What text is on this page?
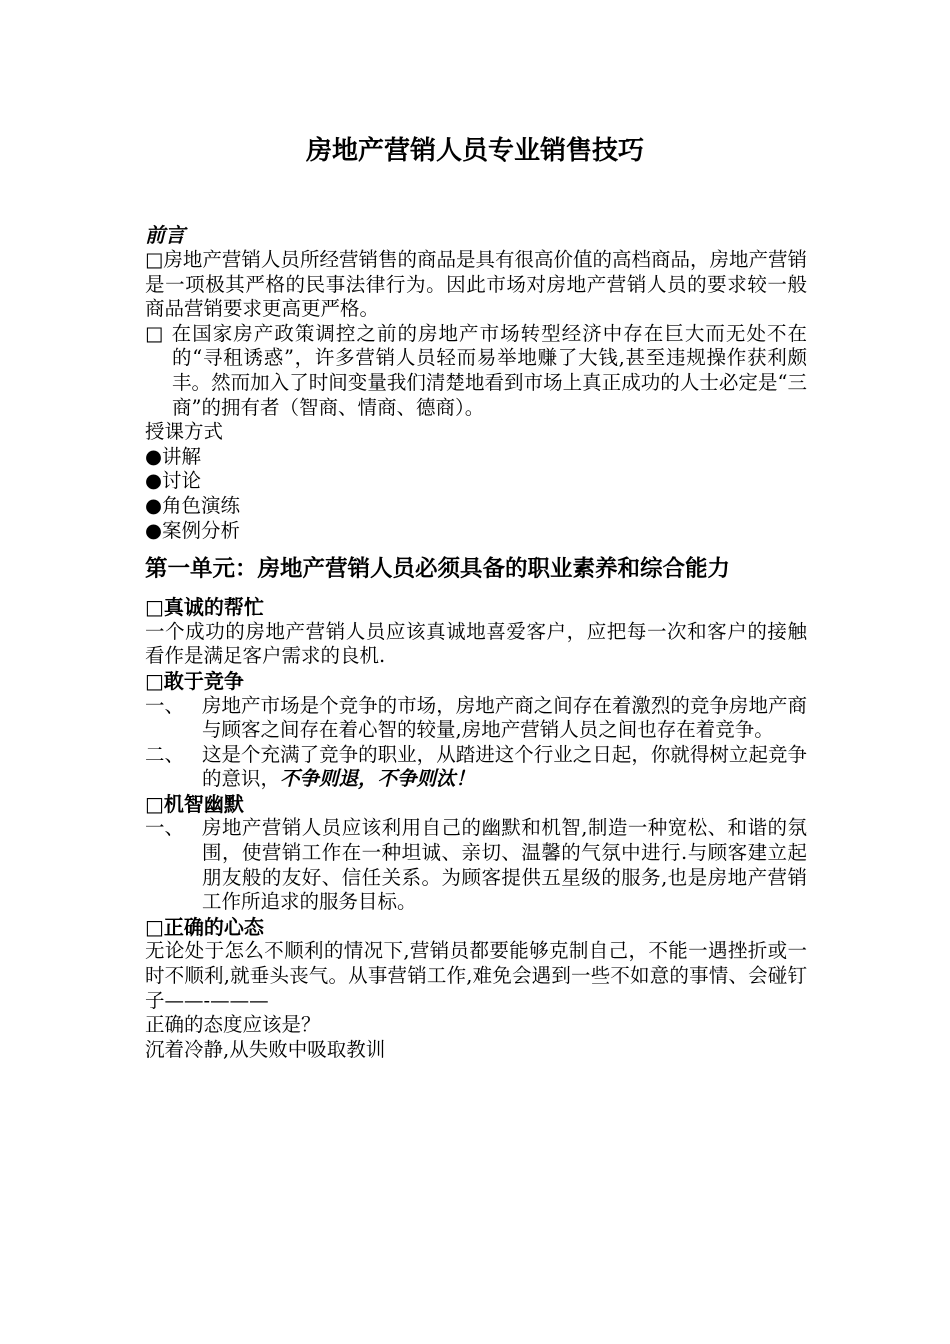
房地产营销人员专业销售技巧

前言

□房地产营销人员所经营销售的商品是具有很高价值的高档商品，房地产营销是一项极其严格的民事法律行为。因此市场对房地产营销人员的要求较一般商品营销要求更高更严格。

□ 在国家房产政策调控之前的房地产市场转型经济中存在巨大而无处不在的“寻租诱惑”，许多营销人员轻而易举地赚了大钱,甚至违规操作获利颇丰。然而加入了时间变量我们清楚地看到市场上真正成功的人士必定是“三商”的拥有者（智商、情商、德商）。

授课方式

●讲解

●讨论

●角色演练

●案例分析

第一单元：房地产营销人员必须具备的职业素养和综合能力

□真诚的帮忙

一个成功的房地产营销人员应该真诚地喜爱客户，应把每一次和客户的接触看作是满足客户需求的良机.

□敢于竞争

一、 房地产市场是个竞争的市场，房地产商之间存在着激烈的竞争房地产商与顾客之间存在着心智的较量,房地产营销人员之间也存在着竞争。
二、 这是个充满了竞争的职业，从踏进这个行业之日起，你就得树立起竞争的意识，不争则退，不争则汰！

□机智幽默

一、 房地产营销人员应该利用自己的幽默和机智,制造一种宽松、和谐的氛围，使营销工作在一种坦诚、亲切、温馨的气氛中进行.与顾客建立起朋友般的友好、信任关系。为顾客提供五星级的服务,也是房地产营销工作所追求的服务目标。

□正确的心态

无论处于怎么不顺利的情况下,营销员都要能够克制自己，不能一遇挫折或一时不顺利,就垂头丧气。从事营销工作,难免会遇到一些不如意的事情、会碰钉子——-———

正确的态度应该是？

沉着冷静,从失败中吸取教训
